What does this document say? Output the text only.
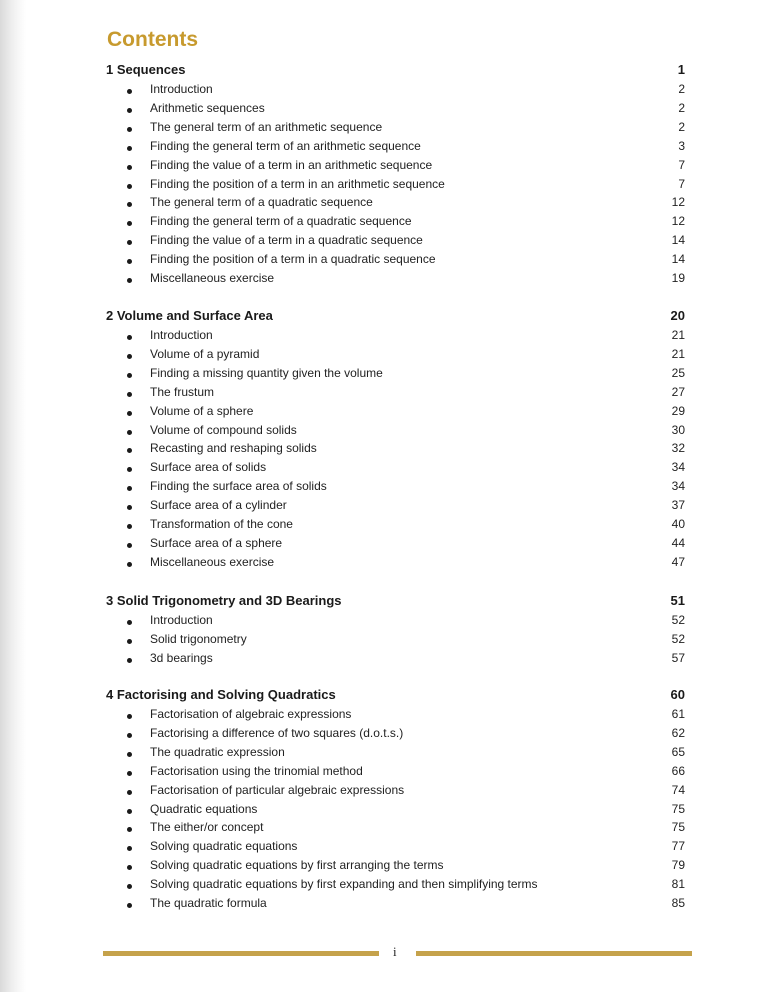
Contents
1 Sequences	1
Introduction	2
Arithmetic sequences	2
The general term of an arithmetic sequence	2
Finding the general term of an arithmetic sequence	3
Finding the value of a term in an arithmetic sequence	7
Finding the position of a term in an arithmetic sequence	7
The general term of a quadratic sequence	12
Finding the general term of a quadratic sequence	12
Finding the value of a term in a quadratic sequence	14
Finding the position of a term in a quadratic sequence	14
Miscellaneous exercise	19
2 Volume and Surface Area	20
Introduction	21
Volume of a pyramid	21
Finding a missing quantity given the volume	25
The frustum	27
Volume of a sphere	29
Volume of compound solids	30
Recasting and reshaping solids	32
Surface area of solids	34
Finding the surface area of solids	34
Surface area of a cylinder	37
Transformation of the cone	40
Surface area of a sphere	44
Miscellaneous exercise	47
3 Solid Trigonometry and 3D Bearings	51
Introduction	52
Solid trigonometry	52
3d bearings	57
4 Factorising and Solving Quadratics	60
Factorisation of algebraic expressions	61
Factorising a difference of two squares (d.o.t.s.)	62
The quadratic expression	65
Factorisation using the trinomial method	66
Factorisation of particular algebraic expressions	74
Quadratic equations	75
The either/or concept	75
Solving quadratic equations	77
Solving quadratic equations by first arranging the terms	79
Solving quadratic equations by first expanding and then simplifying terms	81
The quadratic formula	85
i
